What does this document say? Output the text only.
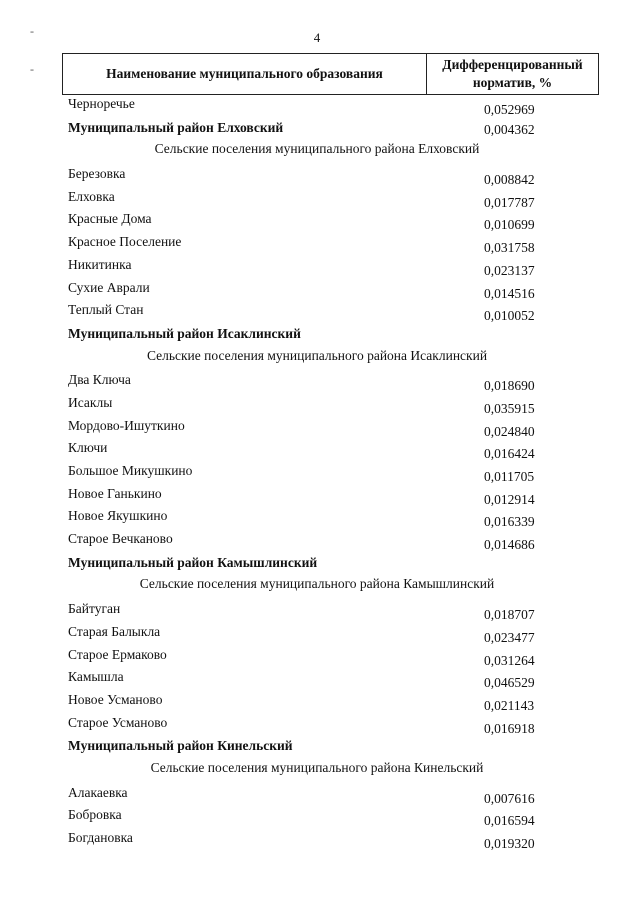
4
-
-	Наименование муниципального образования
Дифференцированный
норматив, %
Черноречье	0,052969
Муниципальный район Елховский	0,004362
Сельские поселения муниципального района Елховский
Березовка	0,008842
Елховка	0,017787
Красные Дома	0,010699
Красное Поселение	0,031758
Никитинка	0,023137
Сухие Аврали	0,014516
Теплый Стан	0,010052
Муниципальный район Исаклинский
Сельские поселения муниципального района Исаклинский
Два Ключа	0,018690
Исаклы	0,035915
Мордово-Ишуткино	0,024840
Ключи	0,016424
Большое Микушкино	0,011705
Новое Ганькино	0,012914
Новое Якушкино	0,016339
Старое Вечканово	0,014686
Муниципальный район Камышлинский
Сельские поселения муниципального района Камышлинский
Байтуган	0,018707
Старая Балыкла	0,023477
Старое Ермаково	0,031264
Камышла	0,046529
Новое Усманово	0,021143
Старое Усманово	0,016918
Муниципальный район Кинельский
Сельские поселения муниципального района Кинельский
Алакаевка	0,007616
Бобровка	0,016594
Богдановка	0,019320
